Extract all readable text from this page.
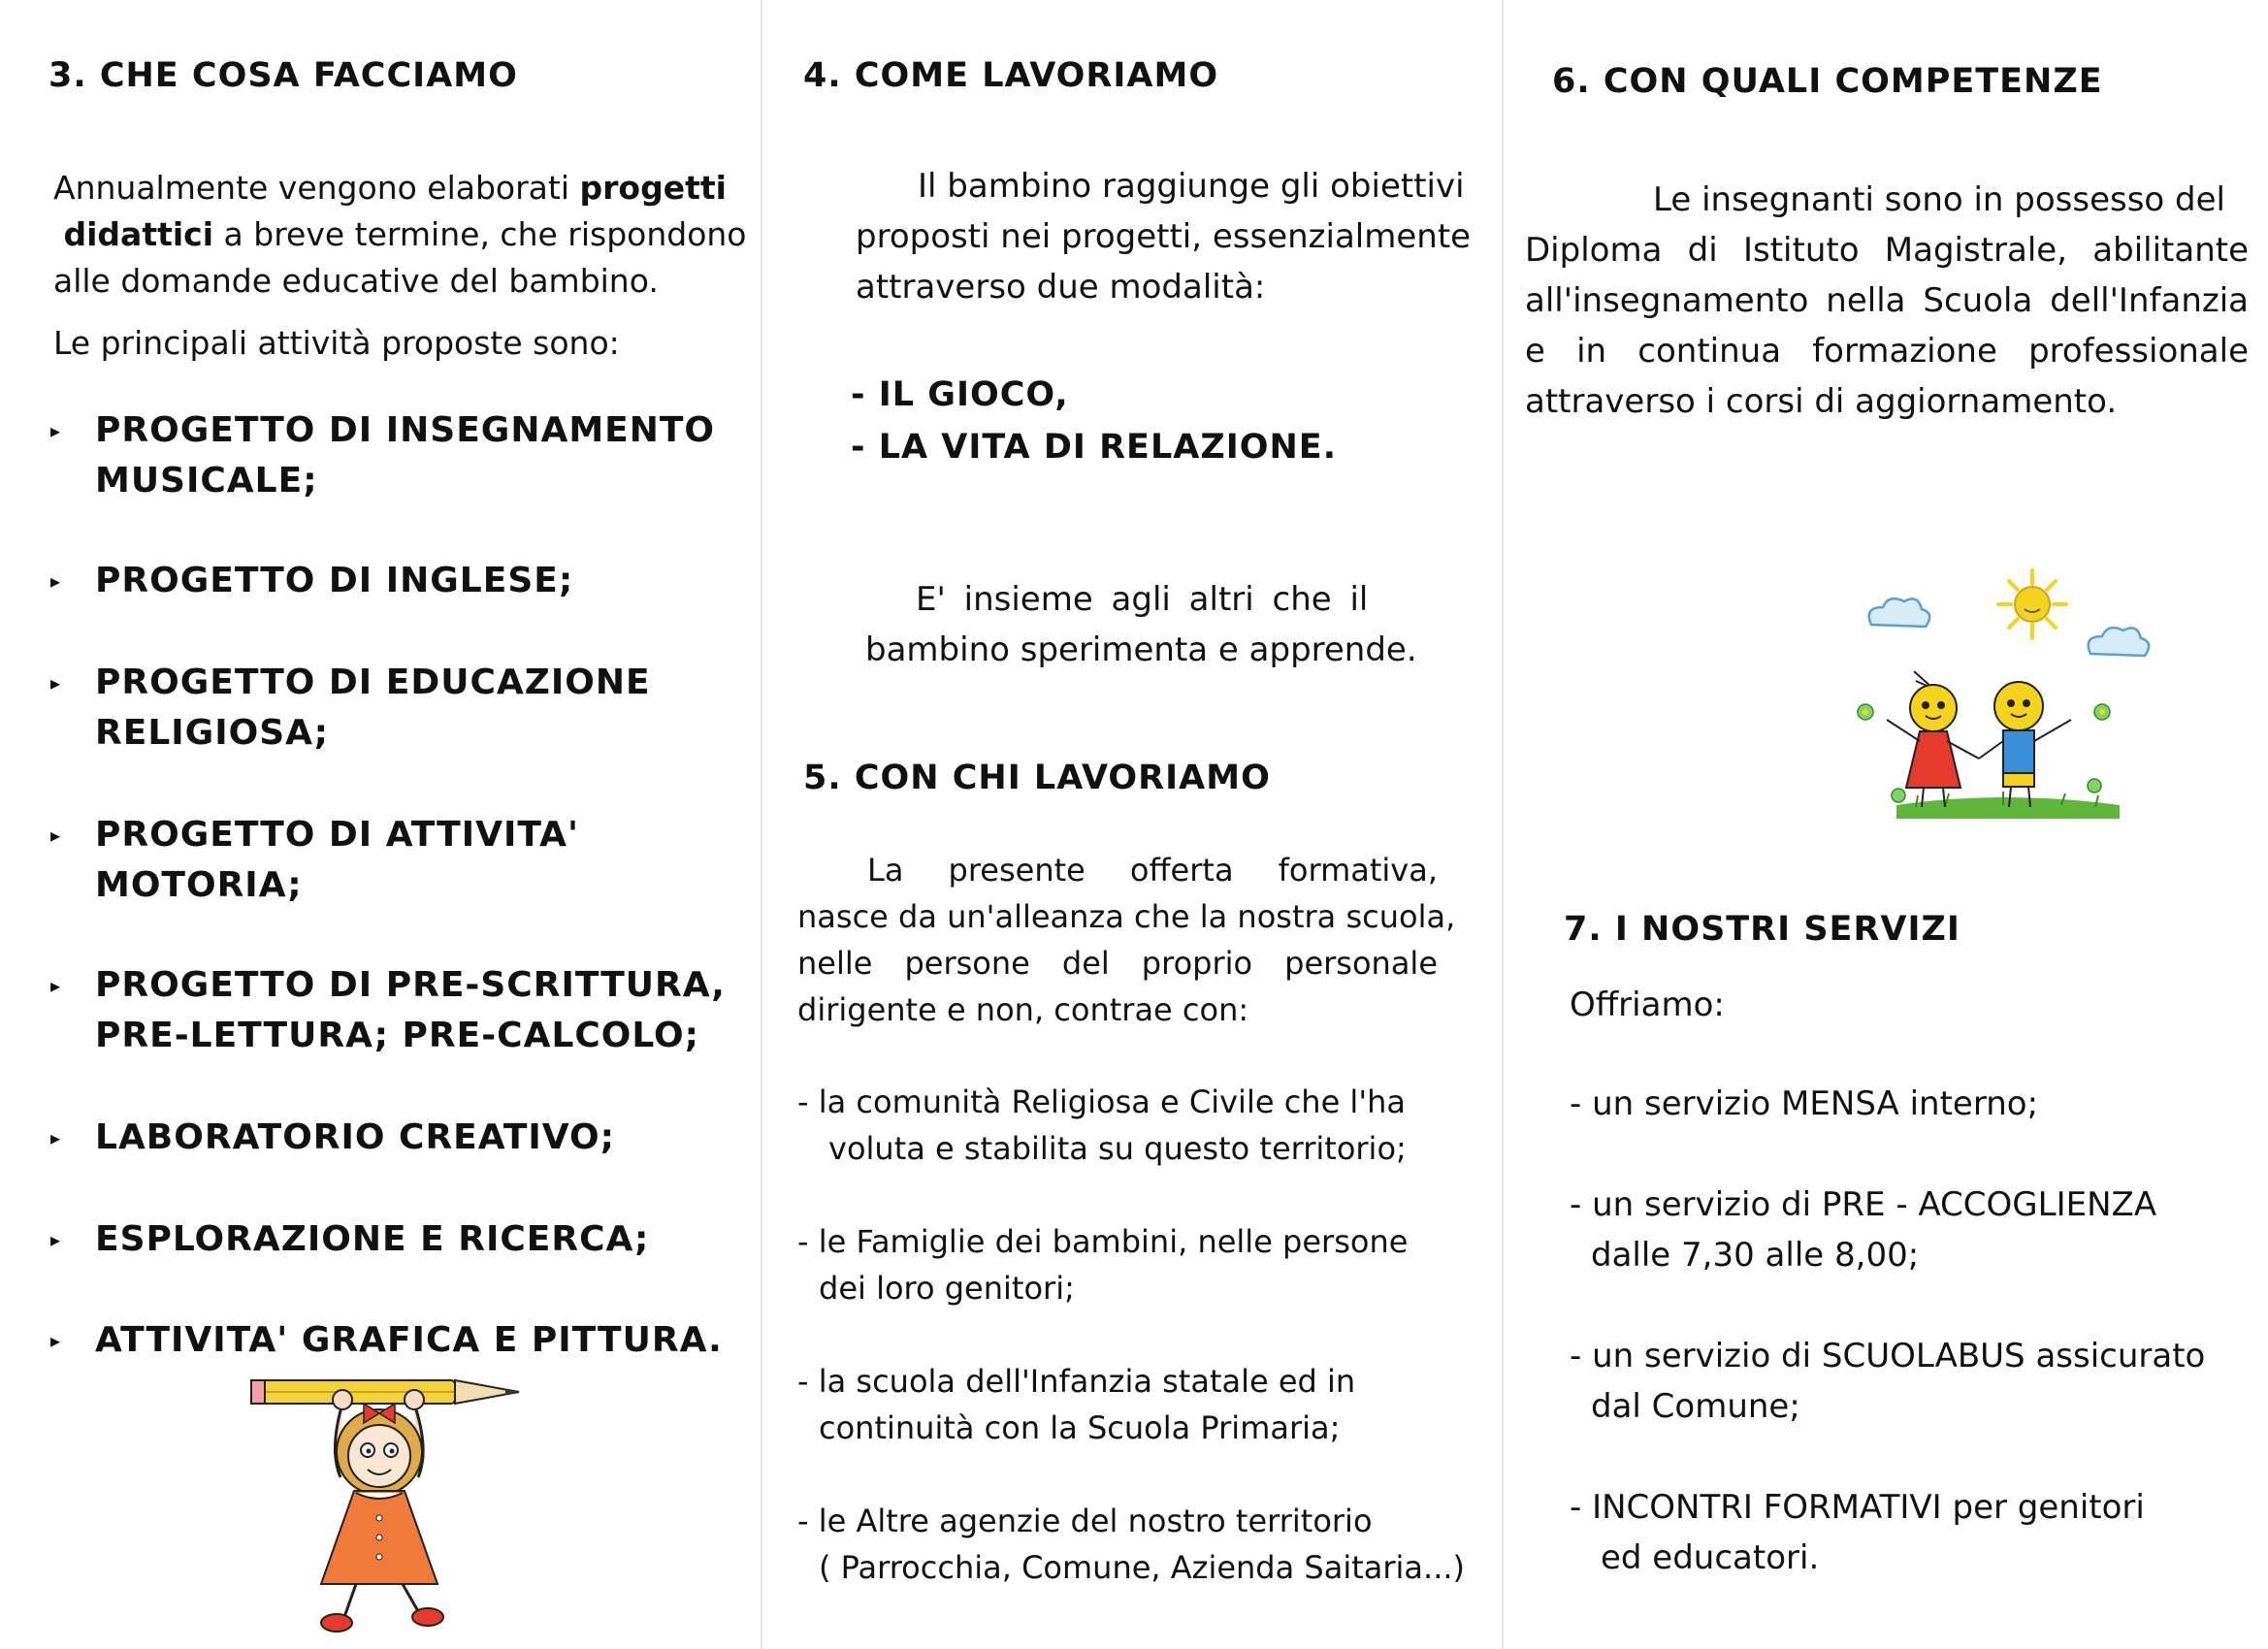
3. CHE COSA FACCIAMO
Annualmente vengono elaborati progetti
didattici a breve termine, che rispondono
alle domande educative del bambino.
Le principali attività proposte sono:
▸ PROGETTO DI INSEGNAMENTO
MUSICALE;
▸ PROGETTO DI INGLESE;
▸ PROGETTO DI EDUCAZIONE
RELIGIOSA;
▸ PROGETTO DI ATTIVITA'
MOTORIA;
▸ PROGETTO DI PRE-SCRITTURA,
PRE-LETTURA; PRE-CALCOLO;
▸ LABORATORIO CREATIVO;
▸ ESPLORAZIONE E RICERCA;
▸ ATTIVITA' GRAFICA E PITTURA.
4. COME LAVORIAMO
Il bambino raggiunge gli obiettivi
proposti nei progetti, essenzialmente
attraverso due modalità:
- IL GIOCO,
- LA VITA DI RELAZIONE.
E' insieme agli altri che il
bambino sperimenta e apprende.
5. CON CHI LAVORIAMO
La presente offerta formativa,
nasce da un'alleanza che la nostra scuola,
nelle persone del proprio personale
dirigente e non, contrae con:
- la comunità Religiosa e Civile che l'ha
voluta e stabilita su questo territorio;
- le Famiglie dei bambini, nelle persone
dei loro genitori;
- la scuola dell'Infanzia statale ed in
continuità con la Scuola Primaria;
- le Altre agenzie del nostro territorio
( Parrocchia, Comune, Azienda Saitaria...)
6. CON QUALI COMPETENZE
Le insegnanti sono in possesso del
Diploma di Istituto Magistrale, abilitante
all'insegnamento nella Scuola dell'Infanzia
e in continua formazione professionale
attraverso i corsi di aggiornamento.
7. I NOSTRI SERVIZI
Offriamo:
- un servizio MENSA interno;
- un servizio di PRE - ACCOGLIENZA
dalle 7,30 alle 8,00;
- un servizio di SCUOLABUS assicurato
dal Comune;
- INCONTRI FORMATIVI per genitori
ed educatori.
